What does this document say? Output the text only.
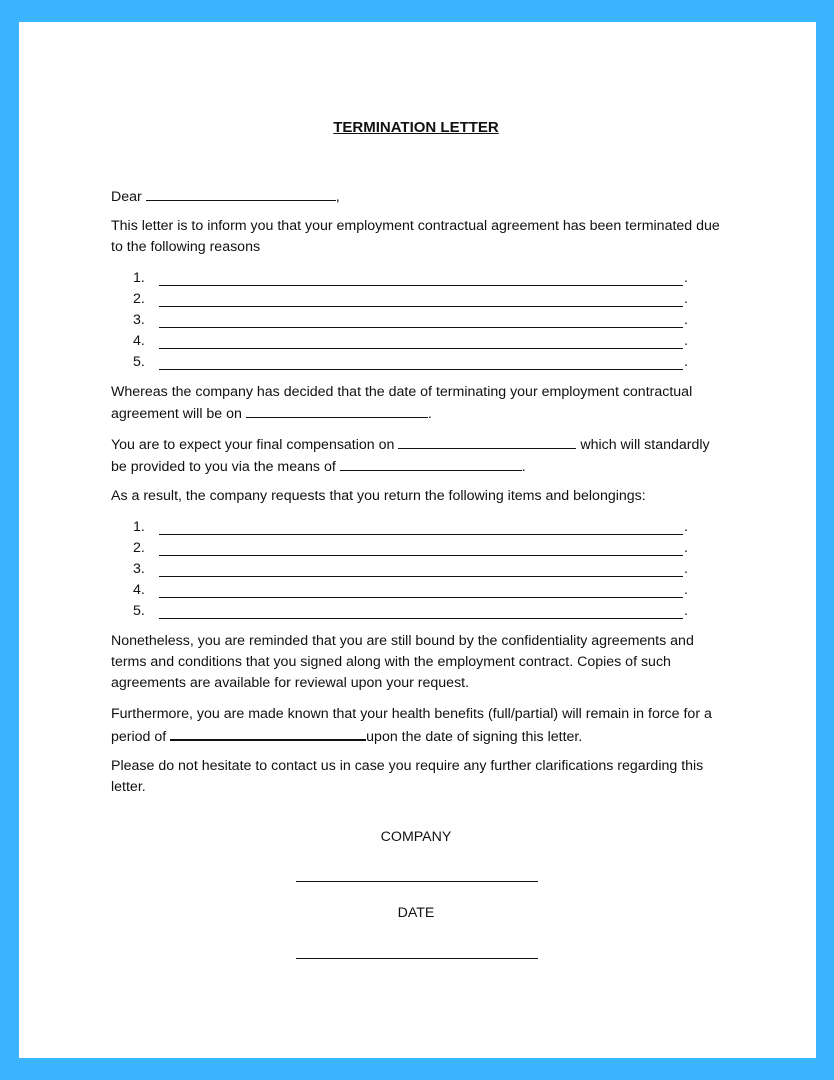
TERMINATION LETTER

Dear	,

This letter is to inform you that your employment contractual agreement has been terminated due to the following reasons

1.	.
2.	.
3.	.
4.	.
5.	.

Whereas the company has decided that the date of terminating your employment contractual agreement will be on	.

You are to expect your final compensation on	which will standardly be provided to you via the means of	.

As a result, the company requests that you return the following items and belongings:

1.	.
2.	.
3.	.
4.	.
5.	.

Nonetheless, you are reminded that you are still bound by the confidentiality agreements and terms and conditions that you signed along with the employment contract. Copies of such agreements are available for reviewal upon your request.

Furthermore, you are made known that your health benefits (full/partial) will remain in force for a period of	upon the date of signing this letter.

Please do not hesitate to contact us in case you require any further clarifications regarding this letter.

COMPANY
DATE
